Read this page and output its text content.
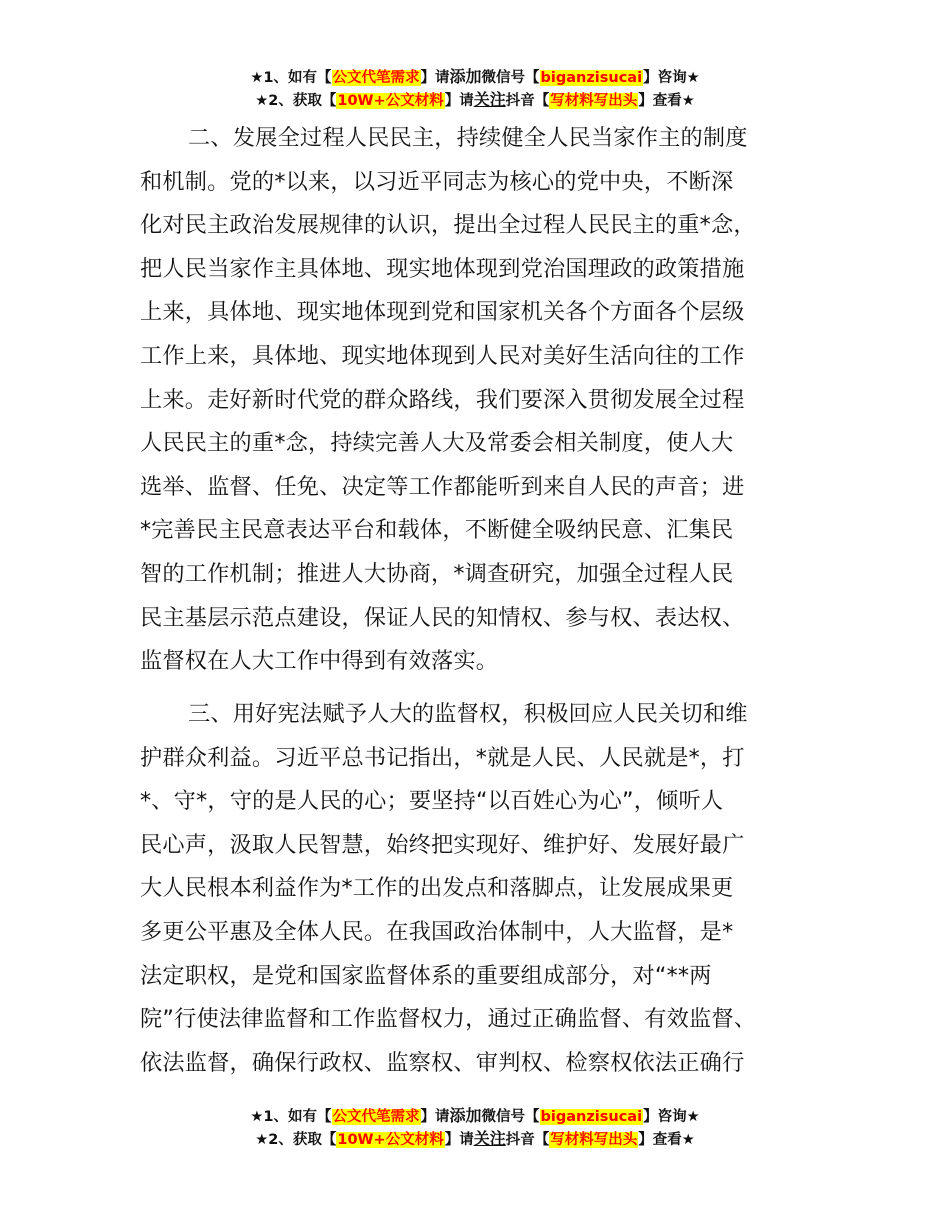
★1、如有【公文代笔需求】请添加微信号【biganzisucai】咨询★
★2、获取【10W+公文材料】请关注抖音【写材料写出头】查看★
二、发展全过程人民民主，持续健全人民当家作主的制度
和机制。党的*以来，以习近平同志为核心的党中央，不断深
化对民主政治发展规律的认识，提出全过程人民民主的重*念，
把人民当家作主具体地、现实地体现到党治国理政的政策措施
上来，具体地、现实地体现到党和国家机关各个方面各个层级
工作上来，具体地、现实地体现到人民对美好生活向往的工作
上来。走好新时代党的群众路线，我们要深入贯彻发展全过程
人民民主的重*念，持续完善人大及常委会相关制度，使人大
选举、监督、任免、决定等工作都能听到来自人民的声音；进
*完善民主民意表达平台和载体，不断健全吸纳民意、汇集民
智的工作机制；推进人大协商，*调查研究，加强全过程人民
民主基层示范点建设，保证人民的知情权、参与权、表达权、
监督权在人大工作中得到有效落实。
三、用好宪法赋予人大的监督权，积极回应人民关切和维
护群众利益。习近平总书记指出，*就是人民、人民就是*，打
*、守*，守的是人民的心；要坚持“以百姓心为心”，倾听人
民心声，汲取人民智慧，始终把实现好、维护好、发展好最广
大人民根本利益作为*工作的出发点和落脚点，让发展成果更
多更公平惠及全体人民。在我国政治体制中，人大监督，是*
法定职权，是党和国家监督体系的重要组成部分，对“**两
院”行使法律监督和工作监督权力，通过正确监督、有效监督、
依法监督，确保行政权、监察权、审判权、检察权依法正确行
★1、如有【公文代笔需求】请添加微信号【biganzisucai】咨询★
★2、获取【10W+公文材料】请关注抖音【写材料写出头】查看★
